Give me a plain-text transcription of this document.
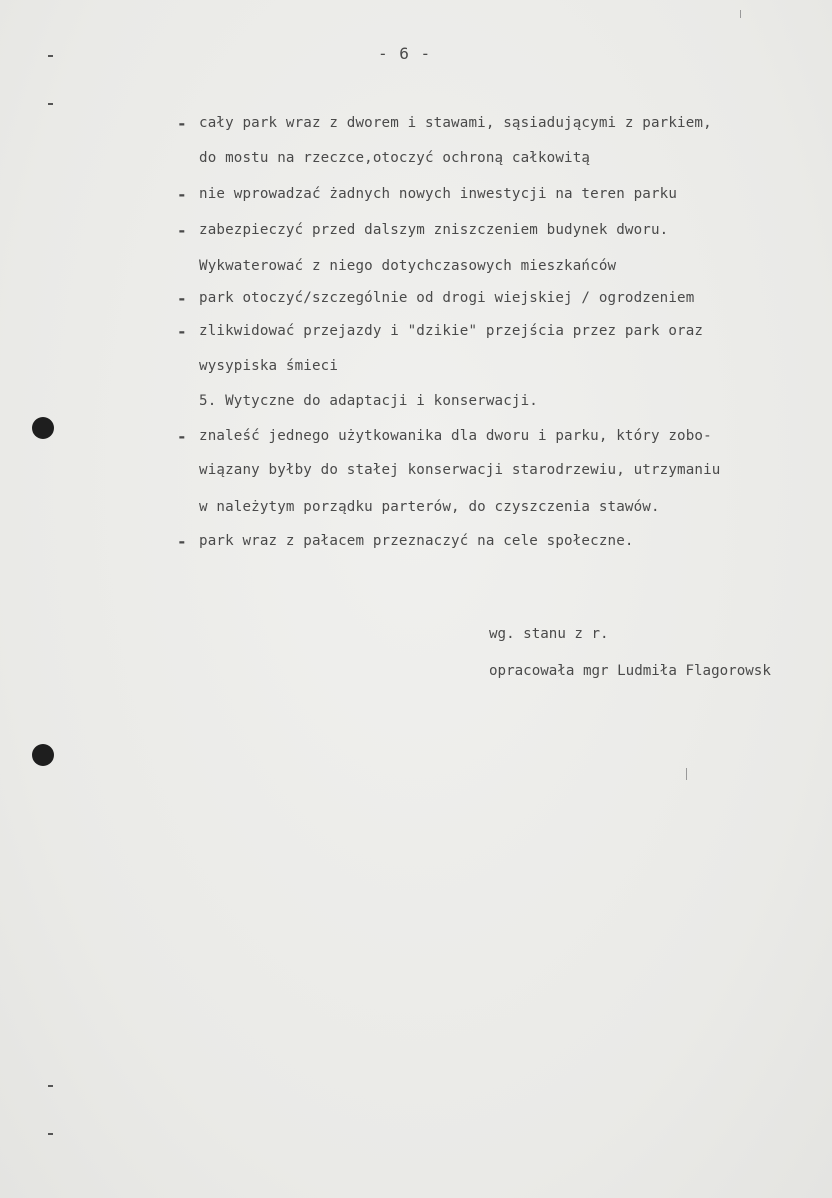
- 6 -
- cały park wraz z dworem i stawami, sąsiadującymi z parkiem,
do mostu na rzeczce,otoczyć ochroną całkowitą
- nie wprowadzać żadnych nowych inwestycji na teren parku
- zabezpieczyć przed dalszym zniszczeniem budynek dworu.
Wykwaterować z niego dotychczasowych mieszkańców
- park otoczyć/szczególnie od drogi wiejskiej / ogrodzeniem
- zlikwidować przejazdy i "dzikie" przejścia przez park oraz
wysypiska śmieci
5. Wytyczne do adaptacji i konserwacji.
- znaleść jednego użytkowanika dla dworu i parku, który zobo-
wiązany byłby do stałej konserwacji starodrzewiu, utrzymaniu
w należytym porządku parterów, do czyszczenia stawów.
- park wraz z pałacem przeznaczyć na cele społeczne.
wg. stanu z r.
opracowała mgr Ludmiła Flagorowsk
